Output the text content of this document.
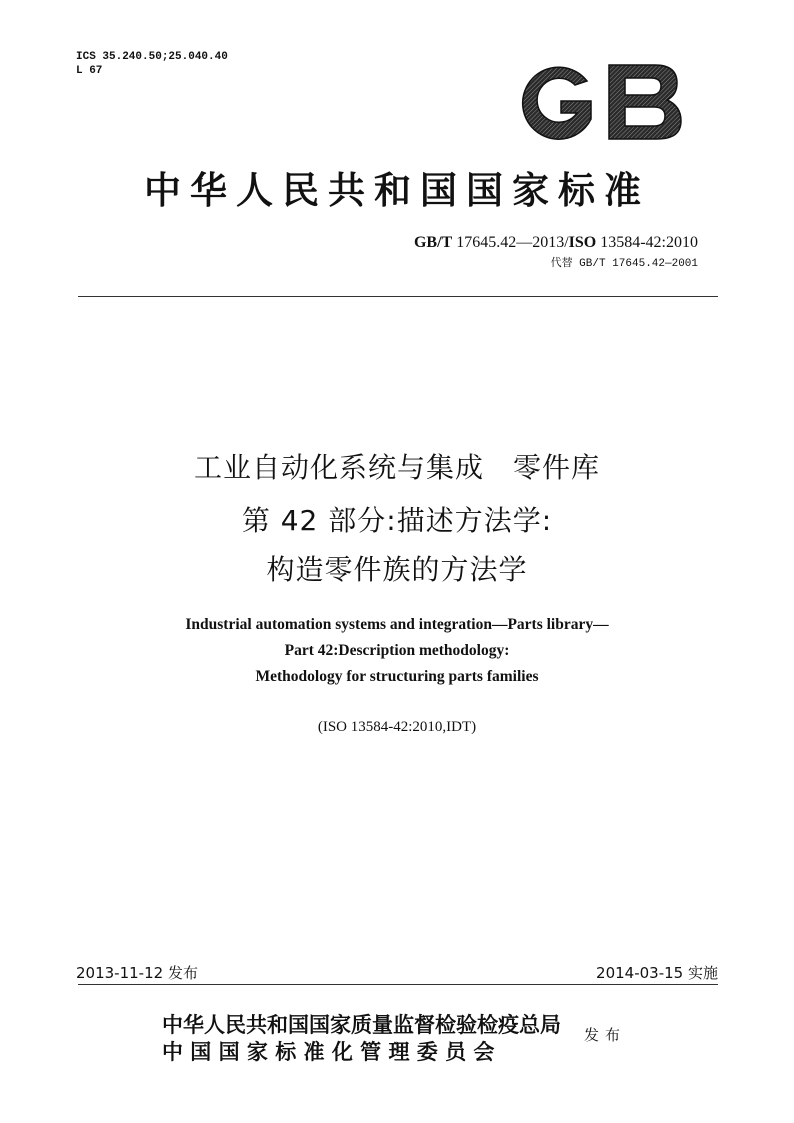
ICS 35.240.50;25.040.40
L 67
中华人民共和国国家标准
GB/T 17645.42—2013/ISO 13584-42:2010
代替 GB/T 17645.42—2001
工业自动化系统与集成　零件库
第 42 部分:描述方法学:
构造零件族的方法学
Industrial automation systems and integration—Parts library—
Part 42:Description methodology:
Methodology for structuring parts families
(ISO 13584-42:2010,IDT)
2013-11-12 发布	2014-03-15 实施
中华人民共和国国家质量监督检验检疫总局
中 国 国 家 标 准 化 管 理 委 员 会
发布
